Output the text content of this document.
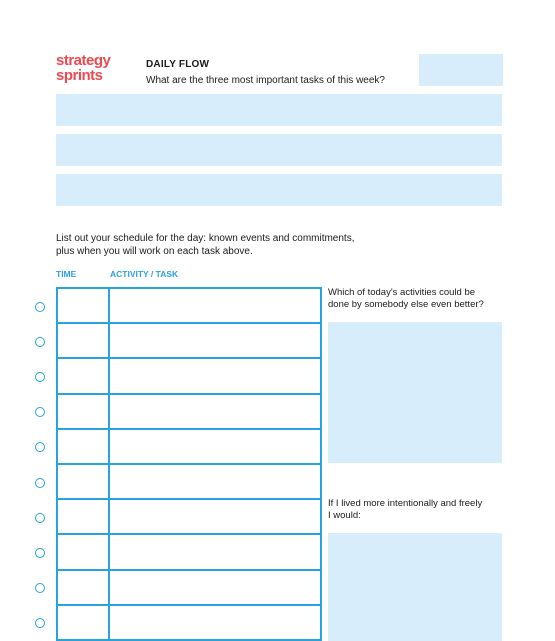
strategy
sprints
DAILY FLOW
What are the three most important tasks of this week?
List out your schedule for the day: known events and commitments,
plus when you will work on each task above.
TIME	ACTIVITY / TASK
Which of today's activities could be
done by somebody else even better?
If I lived more intentionally and freely
I would:
